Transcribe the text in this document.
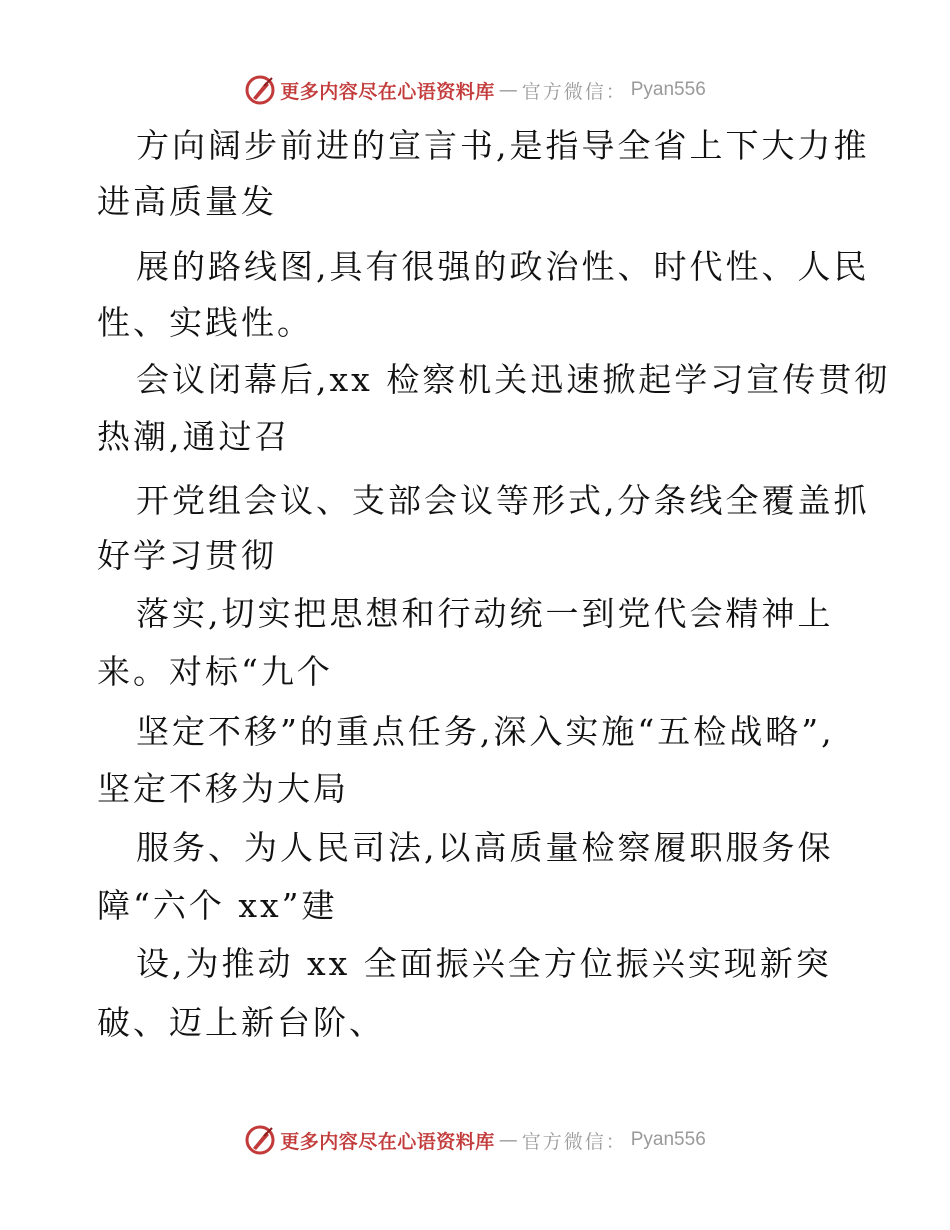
更多内容尽在心语资料库 — 官方微信： Pyan556
方向阔步前进的宣言书,是指导全省上下大力推
进高质量发
展的路线图,具有很强的政治性、时代性、人民
性、实践性。
会议闭幕后,xx 检察机关迅速掀起学习宣传贯彻
热潮,通过召
开党组会议、支部会议等形式,分条线全覆盖抓
好学习贯彻
落实,切实把思想和行动统一到党代会精神上
来。对标“九个
坚定不移”的重点任务,深入实施“五检战略”,
坚定不移为大局
服务、为人民司法,以高质量检察履职服务保
障“六个 xx”建
设,为推动 xx 全面振兴全方位振兴实现新突
破、迈上新台阶、
更多内容尽在心语资料库 — 官方微信： Pyan556
